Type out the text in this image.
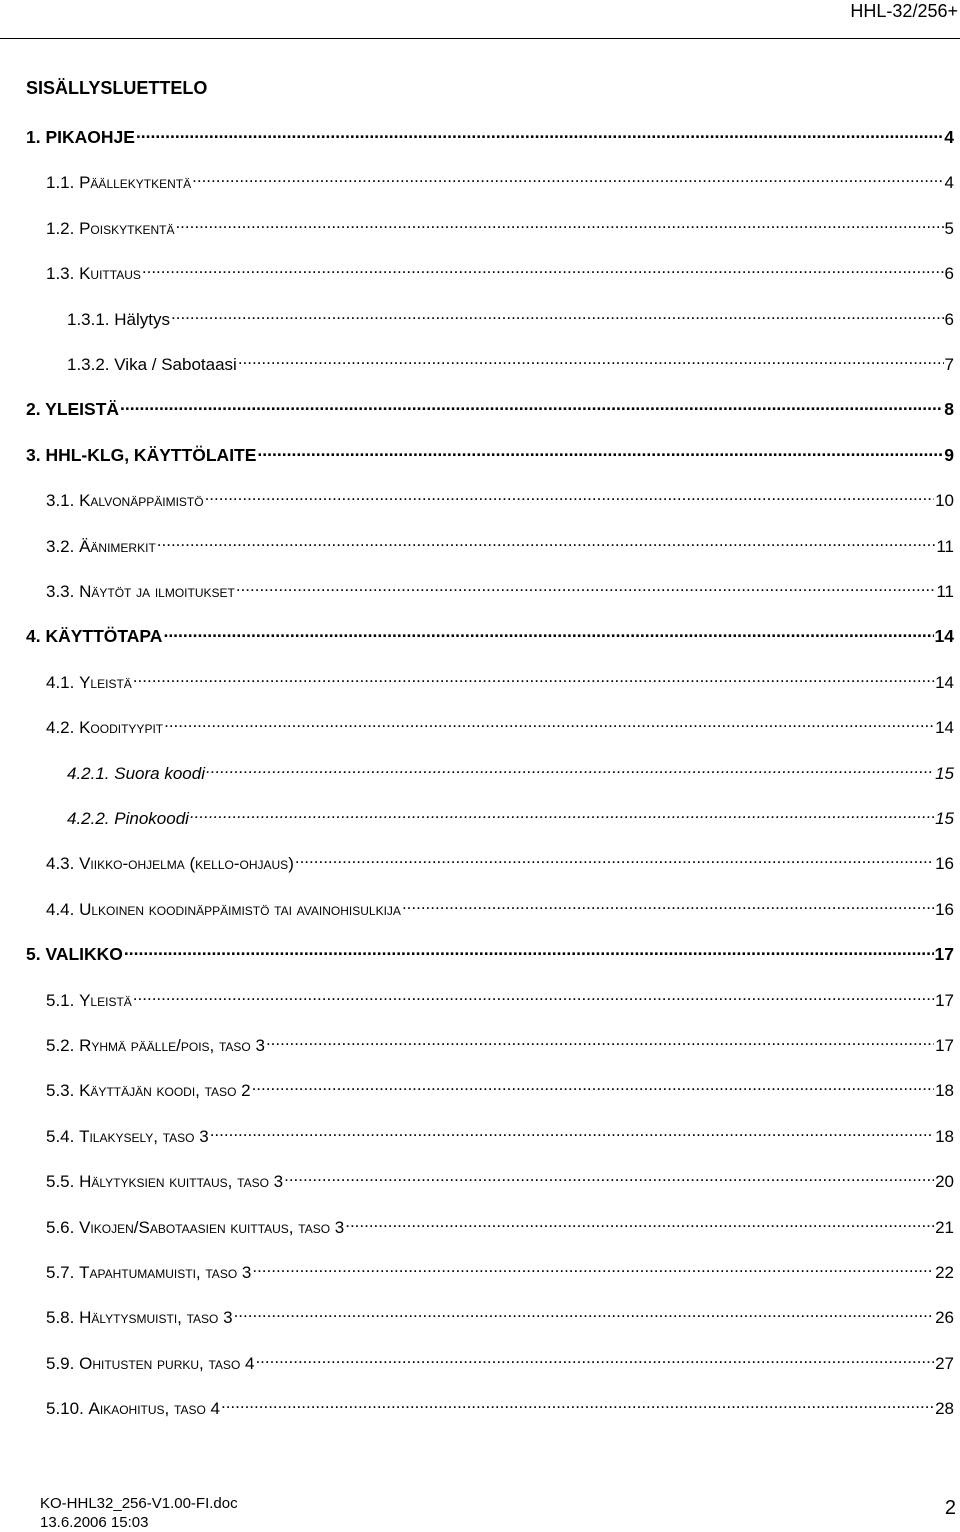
HHL-32/256+
SISÄLLYSLUETTELO
1. PIKAOHJE .....	4
1.1. Päällekytkentä .....	4
1.2. Poiskytkentä .....	5
1.3. Kuittaus .....	6
1.3.1. Hälytys .....	6
1.3.2. Vika / Sabotaasi .....	7
2. YLEISTÄ .....	8
3. HHL-KLG, KÄYTTÖLAITE .....	9
3.1. Kalvonäppäimistö .....	10
3.2. Äänimerkit .....	11
3.3. Näytöt ja ilmoitukset .....	11
4. KÄYTTÖTAPA .....	14
4.1. Yleistä .....	14
4.2. Koodityypit .....	14
4.2.1. Suora koodi .....	15
4.2.2. Pinokoodi .....	15
4.3. Viikko-ohjelma (kello-ohjaus) .....	16
4.4. Ulkoinen koodinäppäimistö tai avainohisulkija .....	16
5. VALIKKO .....	17
5.1. Yleistä .....	17
5.2. Ryhmä päälle/pois, taso 3 .....	17
5.3. Käyttäjän koodi, taso 2 .....	18
5.4. Tilakysely, taso 3 .....	18
5.5. Hälytyksien kuittaus, taso 3 .....	20
5.6. Vikojen/Sabotaasien kuittaus, taso 3 .....	21
5.7. Tapahtumamuisti, taso 3 .....	22
5.8. Hälytysmuisti, taso 3 .....	26
5.9. Ohitusten purku, taso 4 .....	27
5.10. Aikaohitus, taso 4 .....	28
KO-HHL32_256-V1.00-FI.doc
13.6.2006 15:03
2
